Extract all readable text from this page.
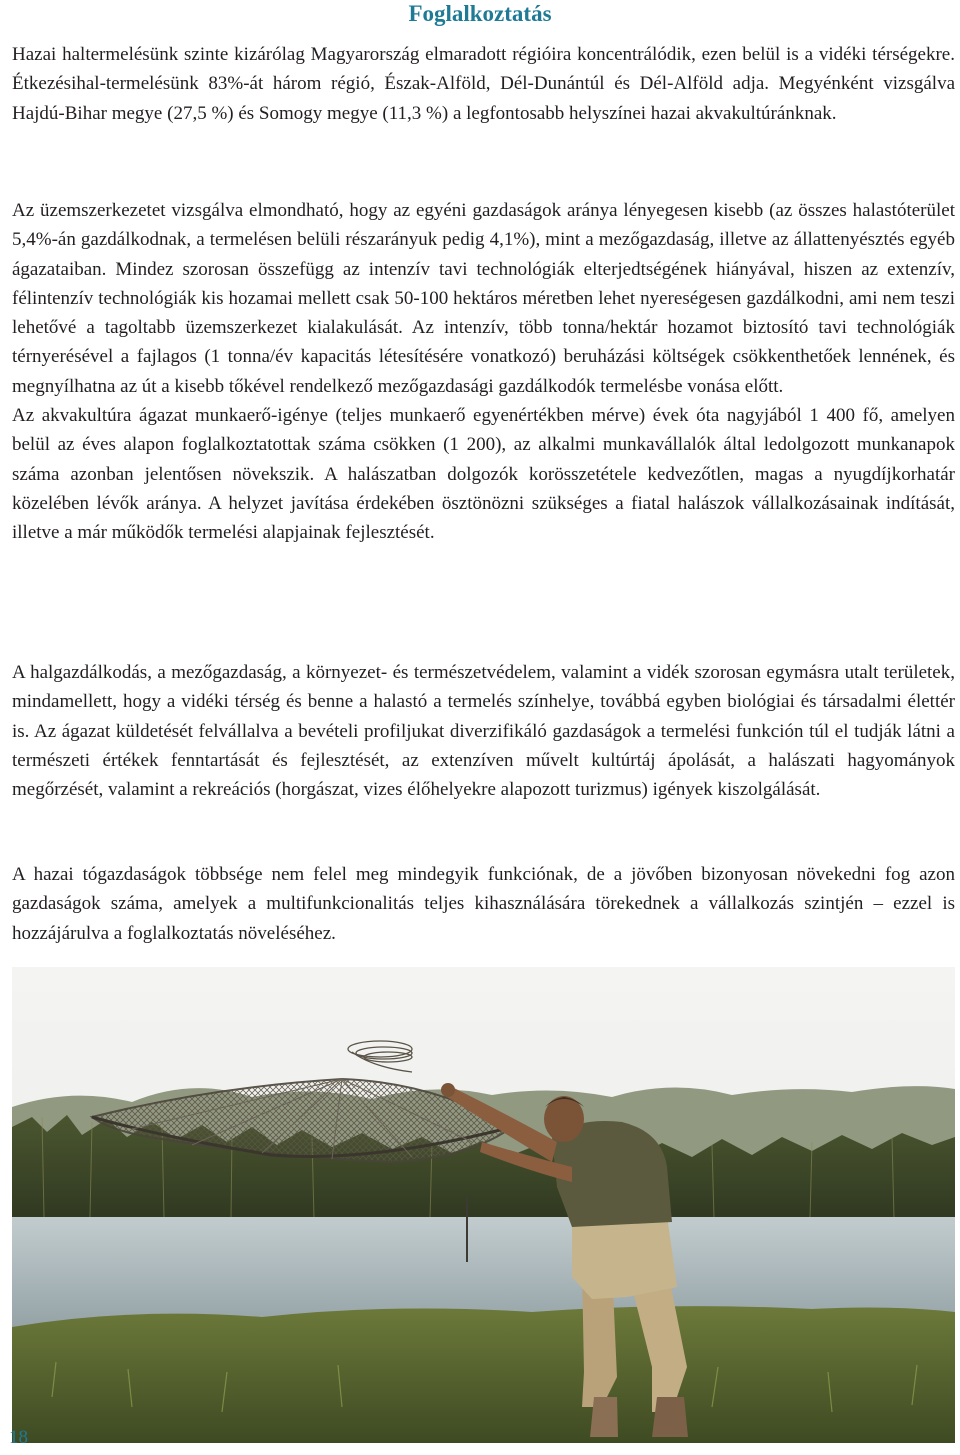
Foglalkoztatás

Hazai haltermelésünk szinte kizárólag Magyarország elmaradott régióira koncentrálódik, ezen belül is a vidéki térségekre. Étkezésihal-termelésünk 83%-át három régió, Észak-Alföld, Dél-Dunántúl és Dél-Alföld adja. Megyénként vizsgálva Hajdú-Bihar megye (27,5 %) és Somogy megye (11,3 %) a legfontosabb helyszínei hazai akvakultúránknak.

Az üzemszerkezetet vizsgálva elmondható, hogy az egyéni gazdaságok aránya lényegesen kisebb (az összes halastóterület 5,4%-án gazdálkodnak, a termelésen belüli részarányuk pedig 4,1%), mint a mezőgazdaság, illetve az állattenyésztés egyéb ágazataiban. Mindez szorosan összefügg az intenzív tavi technológiák elterjedtségének hiányával, hiszen az extenzív, félintenzív technológiák kis hozamai mellett csak 50-100 hektáros méretben lehet nyereségesen gazdálkodni, ami nem teszi lehetővé a tagoltabb üzemszerkezet kialakulását. Az intenzív, több tonna/hektár hozamot biztosító tavi technológiák térnyerésével a fajlagos (1 tonna/év kapacitás létesítésére vonatkozó) beruházási költségek csökkenthetőek lennének, és megnyílhatna az út a kisebb tőkével rendelkező mezőgazdasági gazdálkodók termelésbe vonása előtt.

Az akvakultúra ágazat munkaerő-igénye (teljes munkaerő egyenértékben mérve) évek óta nagyjából 1 400 fő, amelyen belül az éves alapon foglalkoztatottak száma csökken (1 200), az alkalmi munkavállalók által ledolgozott munkanapok száma azonban jelentősen növekszik. A halászatban dolgozók korösszetétele kedvezőtlen, magas a nyugdíjkorhatár közelében lévők aránya. A helyzet javítása érdekében ösztönözni szükséges a fiatal halászok vállalkozásainak indítását, illetve a már működők termelési alapjainak fejlesztését.

A halgazdálkodás, a mezőgazdaság, a környezet- és természetvédelem, valamint a vidék szorosan egymásra utalt területek, mindamellett, hogy a vidéki térség és benne a halastó a termelés színhelye, továbbá egyben biológiai és társadalmi élettér is. Az ágazat küldetését felvállalva a bevételi profiljukat diverzifikáló gazdaságok a termelési funkción túl el tudják látni a természeti értékek fenntartását és fejlesztését, az extenzíven művelt kultúrtáj ápolását, a halászati hagyományok megőrzését, valamint a rekreációs (horgászat, vizes élőhelyekre alapozott turizmus) igények kiszolgálását.

A hazai tógazdaságok többsége nem felel meg mindegyik funkciónak, de a jövőben bizonyosan növekedni fog azon gazdaságok száma, amelyek a multifunkcionalitás teljes kihasználására törekednek a vállalkozás szintjén – ezzel is hozzájárulva a foglalkoztatás növeléséhez.

18
